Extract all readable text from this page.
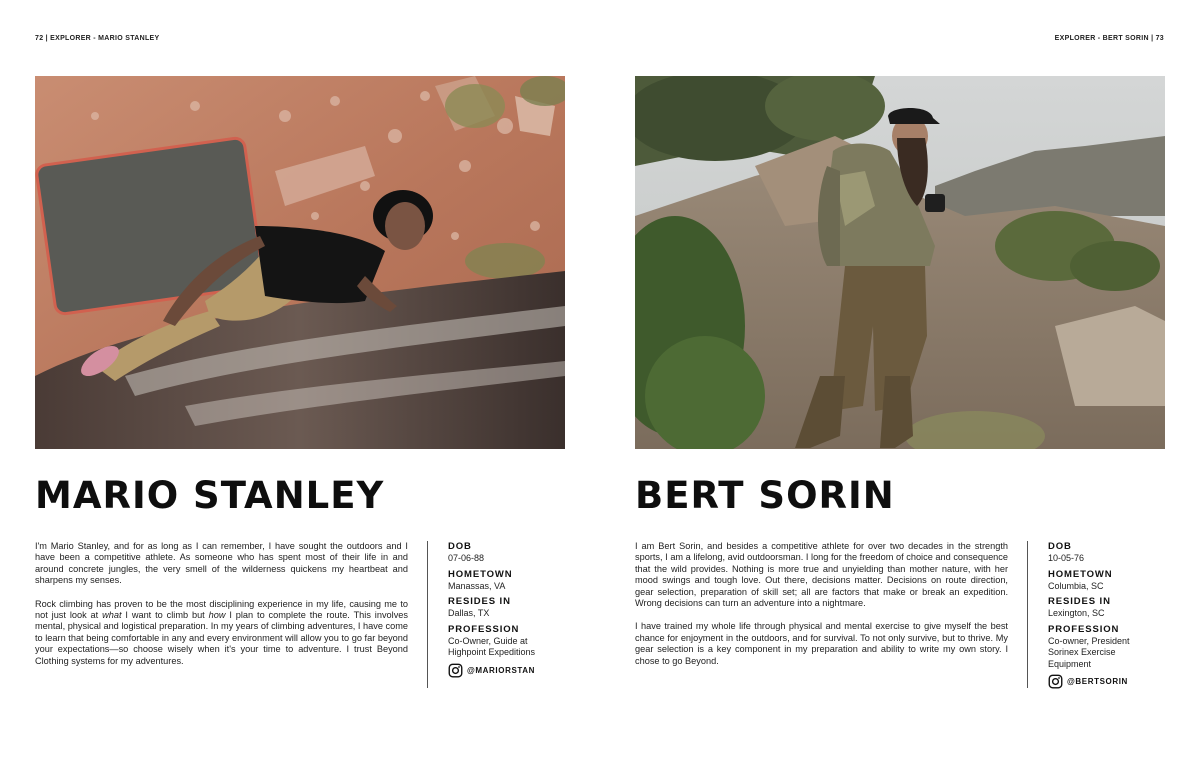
72 | EXPLORER - MARIO STANLEY
MARIO STANLEY

I'm Mario Stanley, and for as long as I can remember, I have sought the outdoors and I have been a competitive athlete. As someone who has spent most of their life in and around concrete jungles, the very smell of the wilderness quickens my heartbeat and sharpens my senses.

Rock climbing has proven to be the most disciplining experience in my life, causing me to not just look at what I want to climb but how I plan to complete the route. This involves mental, physical and logistical preparation. In my years of climbing adventures, I have come to learn that being comfortable in any and every environment will allow you to go far beyond your expectations—so choose wisely when it's your time to adventure. I trust Beyond Clothing systems for my adventures.

DOB
07-06-88
HOMETOWN
Manassas, VA
RESIDES IN
Dallas, TX
PROFESSION
Co-Owner, Guide at
Highpoint Expeditions
@MARIORSTAN
EXPLORER - BERT SORIN | 73
BERT SORIN

I am Bert Sorin, and besides a competitive athlete for over two decades in the strength sports, I am a lifelong, avid outdoorsman. I long for the freedom of choice and consequence that the wild provides. Nothing is more true and unyielding than mother nature, with her mood swings and tough love. Out there, decisions matter. Decisions on route direction, gear selection, preparation of skill set; all are factors that make or break an expedition. Wrong decisions can turn an adventure into a nightmare.

I have trained my whole life through physical and mental exercise to give myself the best chance for enjoyment in the outdoors, and for survival. To not only survive, but to thrive. My gear selection is a key component in my preparation and ability to write my own story. I chose to go Beyond.

DOB
10-05-76
HOMETOWN
Columbia, SC
RESIDES IN
Lexington, SC
PROFESSION
Co-owner, President
Sorinex Exercise
Equipment
@BERTSORIN
